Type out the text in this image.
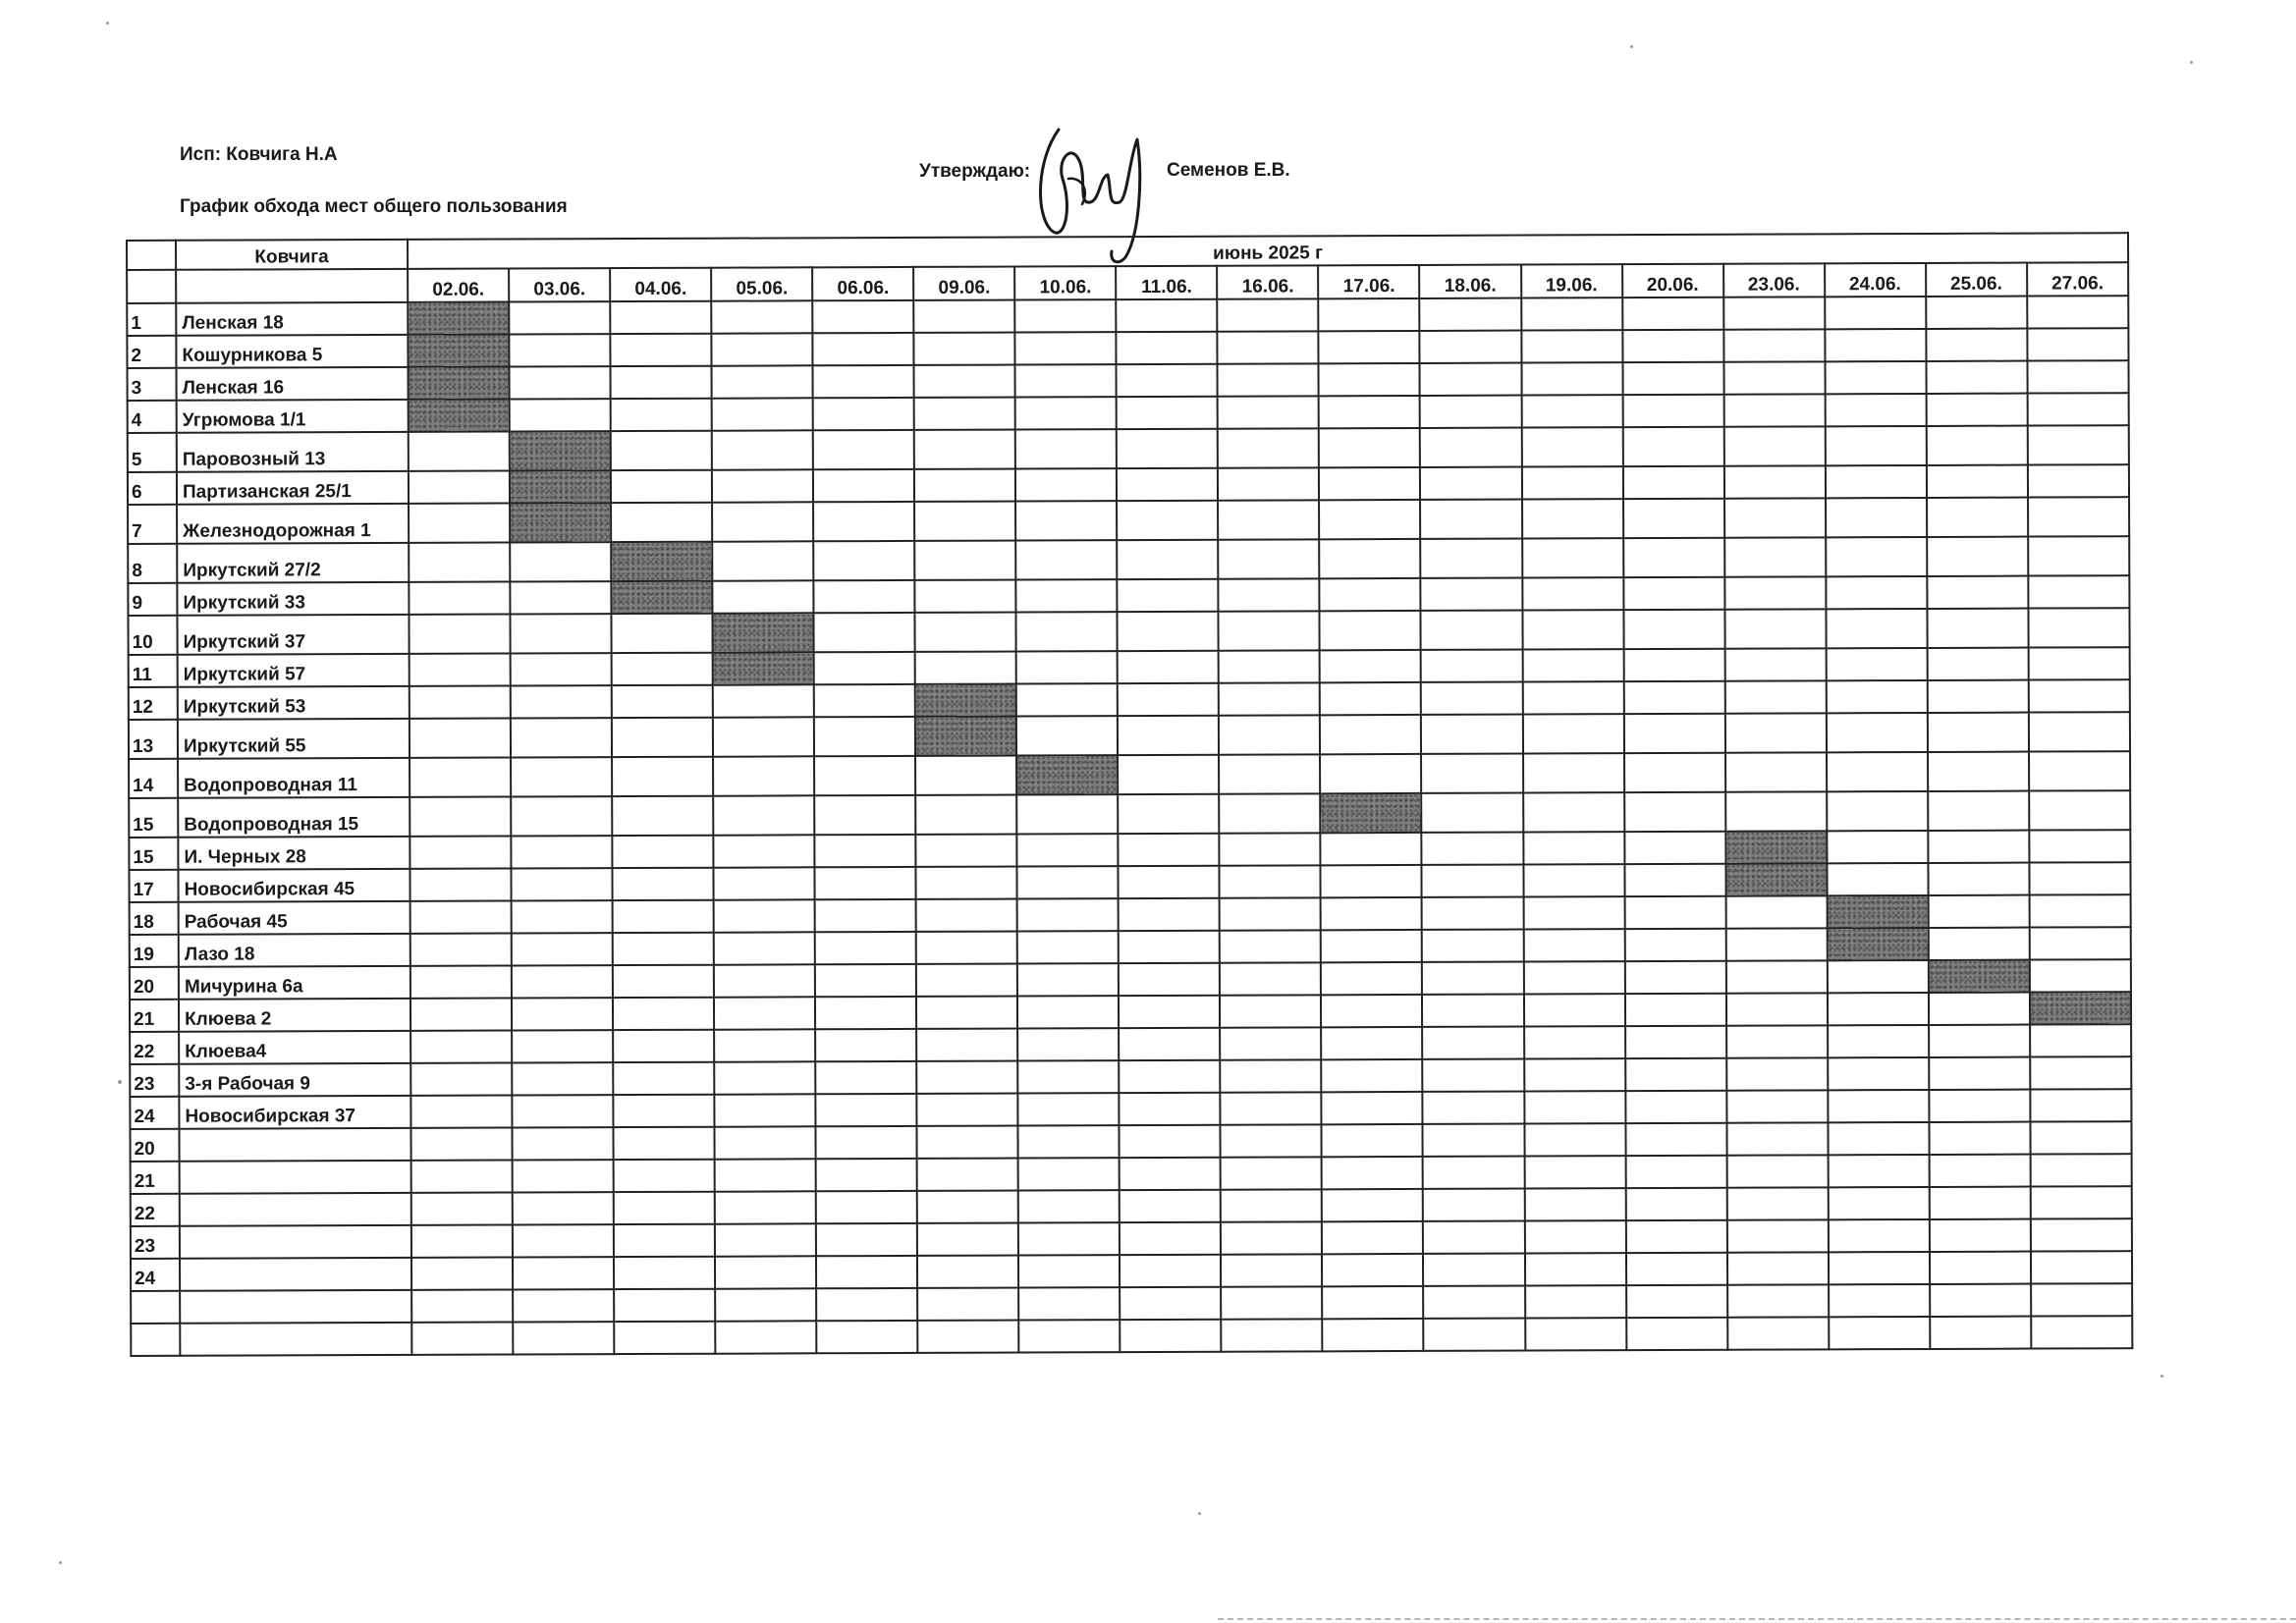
Исп: Ковчига Н.А
График обхода мест общего пользования
Утверждаю:	Семенов Е.В.
	Ковчига	июнь 2025 г																
		02.06.	03.06.	04.06.	05.06.	06.06.	09.06.	10.06.	11.06.	16.06.	17.06.	18.06.	19.06.	20.06.	23.06.	24.06.	25.06.	27.06.
1	Ленская 18																	
2	Кошурникова 5																	
3	Ленская 16																	
4	Угрюмова 1/1																	
5	Паровозный 13																	
6	Партизанская 25/1																	
7	Железнодорожная 1																	
8	Иркутский 27/2																	
9	Иркутский 33																	
10	Иркутский 37																	
11	Иркутский 57																	
12	Иркутский 53																	
13	Иркутский 55																	
14	Водопроводная 11																	
15	Водопроводная 15																	
15	И. Черных 28																	
17	Новосибирская 45																	
18	Рабочая 45																	
19	Лазо 18																	
20	Мичурина 6а																	
21	Клюева 2																	
22	Клюева4																	
23	3-я Рабочая 9																	
24	Новосибирская 37																	
20																		
21																		
22																		
23																		
24																		
